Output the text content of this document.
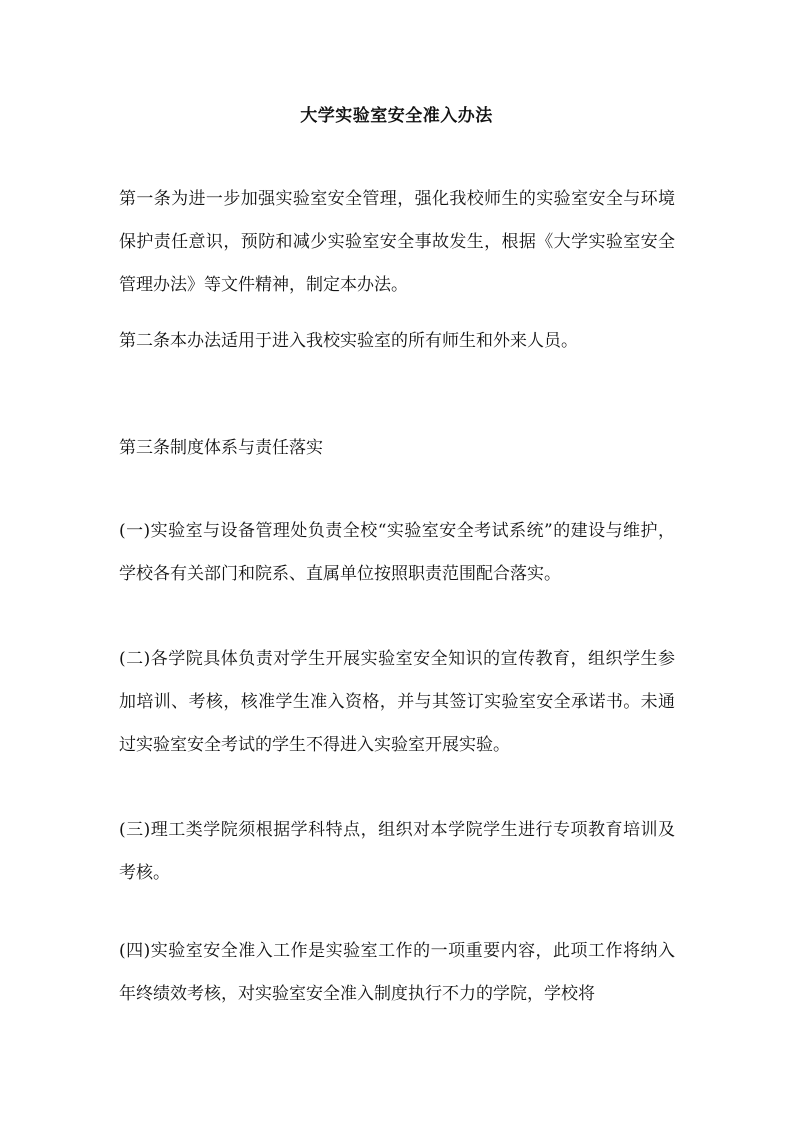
大学实验室安全准入办法

第一条为进一步加强实验室安全管理，强化我校师生的实验室安全与环境保护责任意识，预防和减少实验室安全事故发生，根据《大学实验室安全管理办法》等文件精神，制定本办法。

第二条本办法适用于进入我校实验室的所有师生和外来人员。

第三条制度体系与责任落实

(一)实验室与设备管理处负责全校“实验室安全考试系统”的建设与维护，学校各有关部门和院系、直属单位按照职责范围配合落实。

(二)各学院具体负责对学生开展实验室安全知识的宣传教育，组织学生参加培训、考核，核准学生准入资格，并与其签订实验室安全承诺书。未通过实验室安全考试的学生不得进入实验室开展实验。

(三)理工类学院须根据学科特点，组织对本学院学生进行专项教育培训及考核。

(四)实验室安全准入工作是实验室工作的一项重要内容，此项工作将纳入年终绩效考核，对实验室安全准入制度执行不力的学院，学校将
